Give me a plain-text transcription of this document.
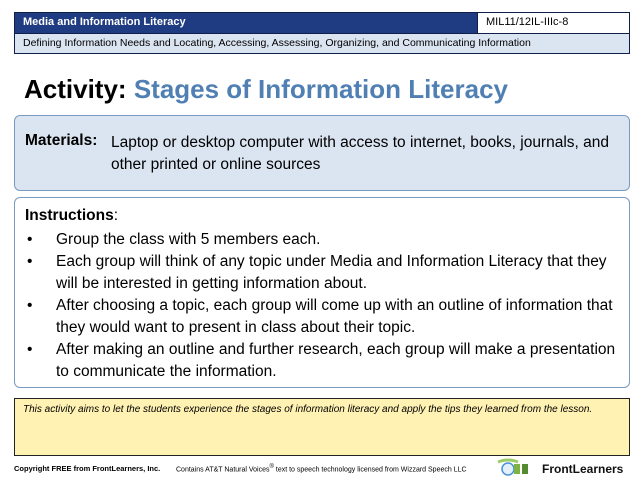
Media and Information Literacy	MIL11/12IL-IIIc-8
Defining Information Needs and Locating, Accessing, Assessing, Organizing, and Communicating Information
Activity: Stages of Information Literacy
Materials: Laptop or desktop computer with access to internet, books, journals, and other printed or online sources
Instructions:
• Group the class with 5 members each.
• Each group will think of any topic under Media and Information Literacy that they will be interested in getting information about.
• After choosing a topic, each group will come up with an outline of information that they would want to present in class about their topic.
• After making an outline and further research, each group will make a presentation to communicate the information.
This activity aims to let the students experience the stages of information literacy and apply the tips they learned from the lesson.
Copyright FREE from FrontLearners, Inc. Contains AT&T Natural Voices® text to speech technology licensed from Wizzard Speech LLC	FrontLearners
